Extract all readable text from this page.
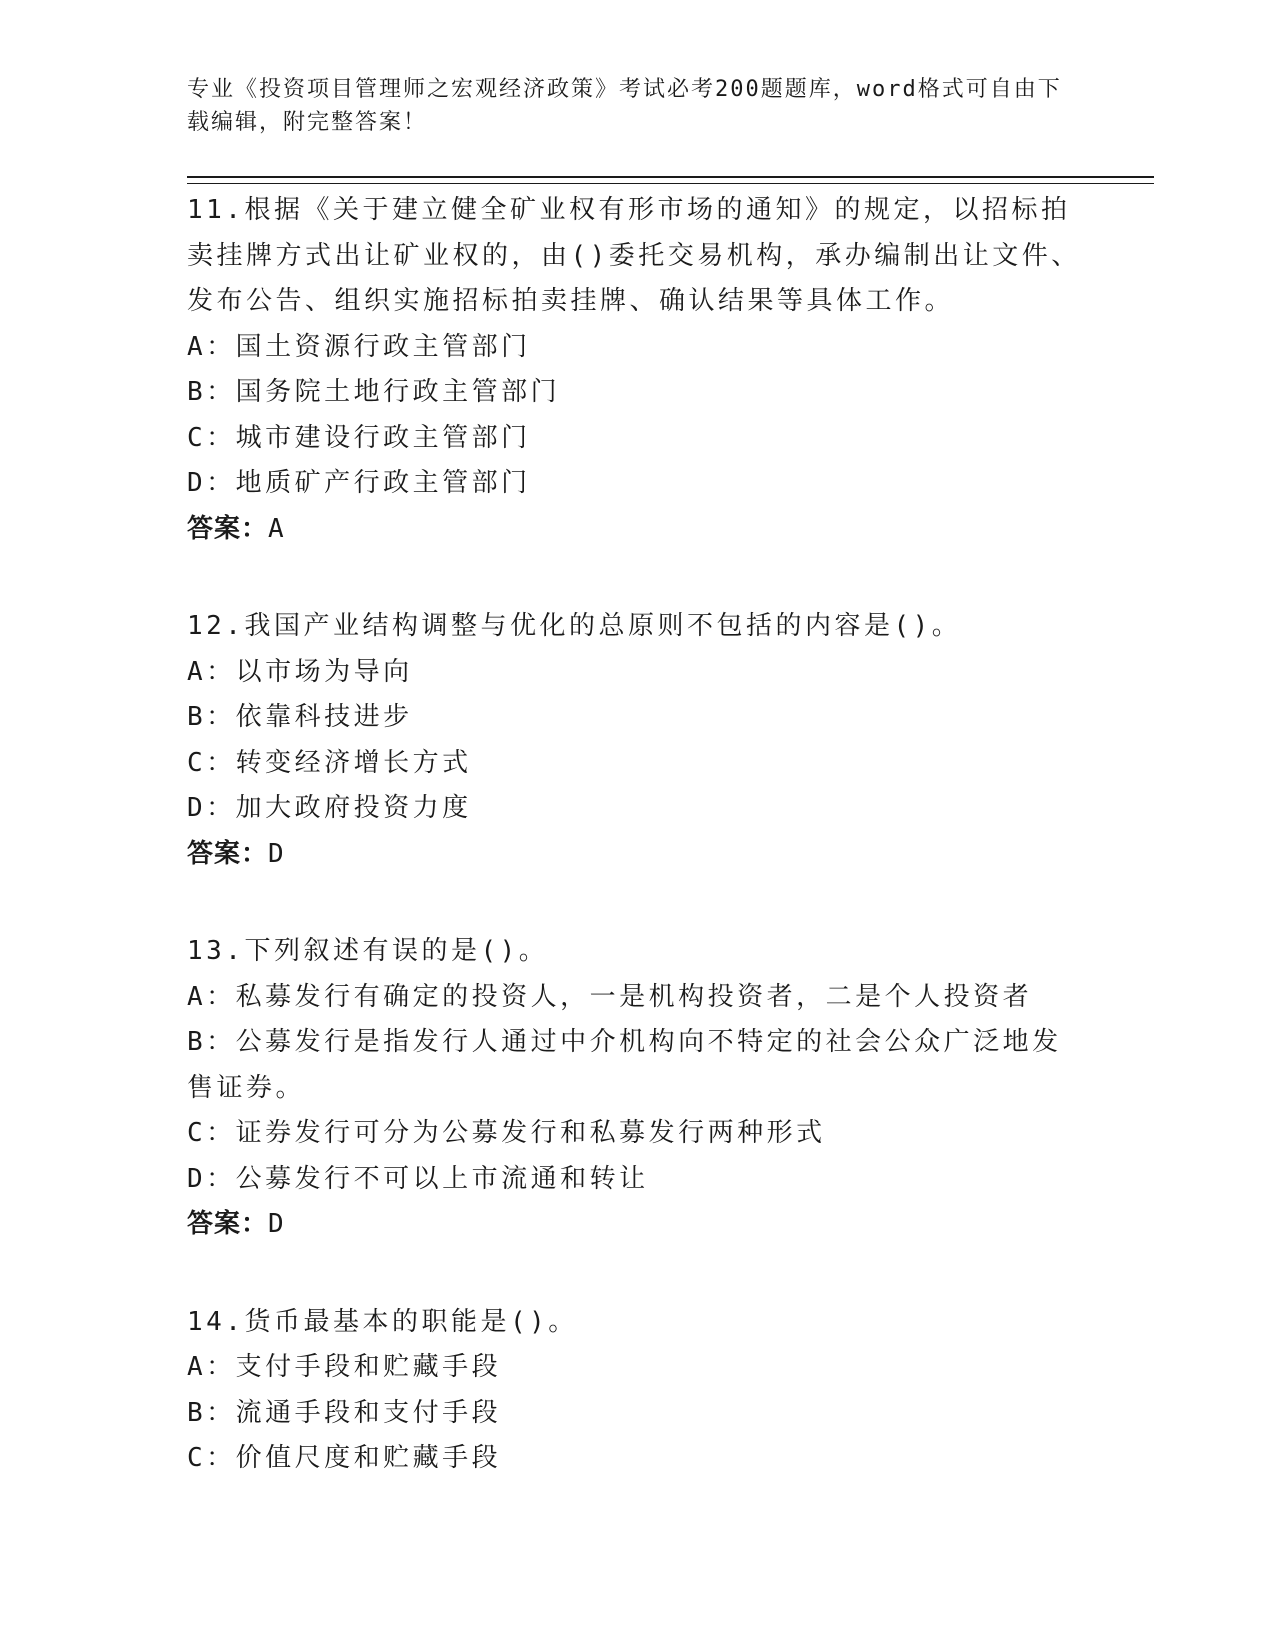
专业《投资项目管理师之宏观经济政策》考试必考200题题库，word格式可自由下载编辑，附完整答案！
11.根据《关于建立健全矿业权有形市场的通知》的规定，以招标拍卖挂牌方式出让矿业权的，由()委托交易机构，承办编制出让文件、发布公告、组织实施招标拍卖挂牌、确认结果等具体工作。
A：国土资源行政主管部门
B：国务院土地行政主管部门
C：城市建设行政主管部门
D：地质矿产行政主管部门
答案：A
12.我国产业结构调整与优化的总原则不包括的内容是()。
A：以市场为导向
B：依靠科技进步
C：转变经济增长方式
D：加大政府投资力度
答案：D
13.下列叙述有误的是()。
A：私募发行有确定的投资人，一是机构投资者，二是个人投资者
B：公募发行是指发行人通过中介机构向不特定的社会公众广泛地发售证券。
C：证券发行可分为公募发行和私募发行两种形式
D：公募发行不可以上市流通和转让
答案：D
14.货币最基本的职能是()。
A：支付手段和贮藏手段
B：流通手段和支付手段
C：价值尺度和贮藏手段
